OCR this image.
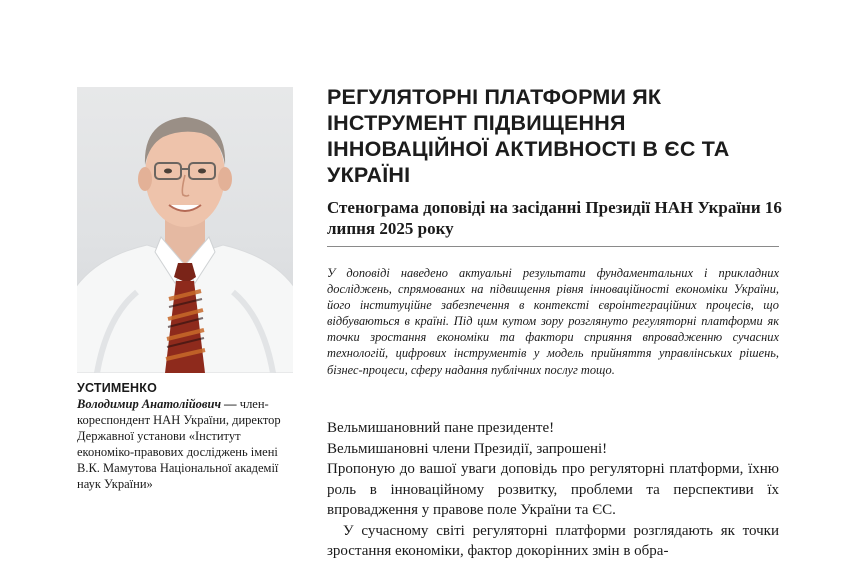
УСТИМЕНКО
Володимир Анатолійович — член-кореспондент НАН України, директор Державної установи «Інститут економіко-правових досліджень імені В.К. Мамутова Національної академії наук України»
РЕГУЛЯТОРНІ ПЛАТФОРМИ ЯК ІНСТРУМЕНТ ПІДВИЩЕННЯ ІННОВАЦІЙНОЇ АКТИВНОСТІ В ЄС ТА УКРАЇНІ
Стенограма доповіді на засіданні Президії НАН України 16 липня 2025 року

У доповіді наведено актуальні результати фундаментальних і прикладних досліджень, спрямованих на підвищення рівня інноваційності економіки України, його інституційне забезпечення в контексті євроінтеграційних процесів, що відбуваються в країні. Під цим кутом зору розглянуто регуляторні платформи як точки зростання економіки та фактори сприяння впровадженню сучасних технологій, цифрових інструментів у модель прийняття управлінських рішень, бізнес-процеси, сферу надання публічних послуг тощо.

Вельмишановний пане президенте!

Вельмишановні члени Президії, запрошені!

Пропоную до вашої уваги доповідь про регуляторні платформи, їхню роль в інноваційному розвитку, проблеми та перспективи їх впровадження у правове поле України та ЄС.

У сучасному світі регуляторні платформи розглядають як точки зростання економіки, фактор докорінних змін в обра-
